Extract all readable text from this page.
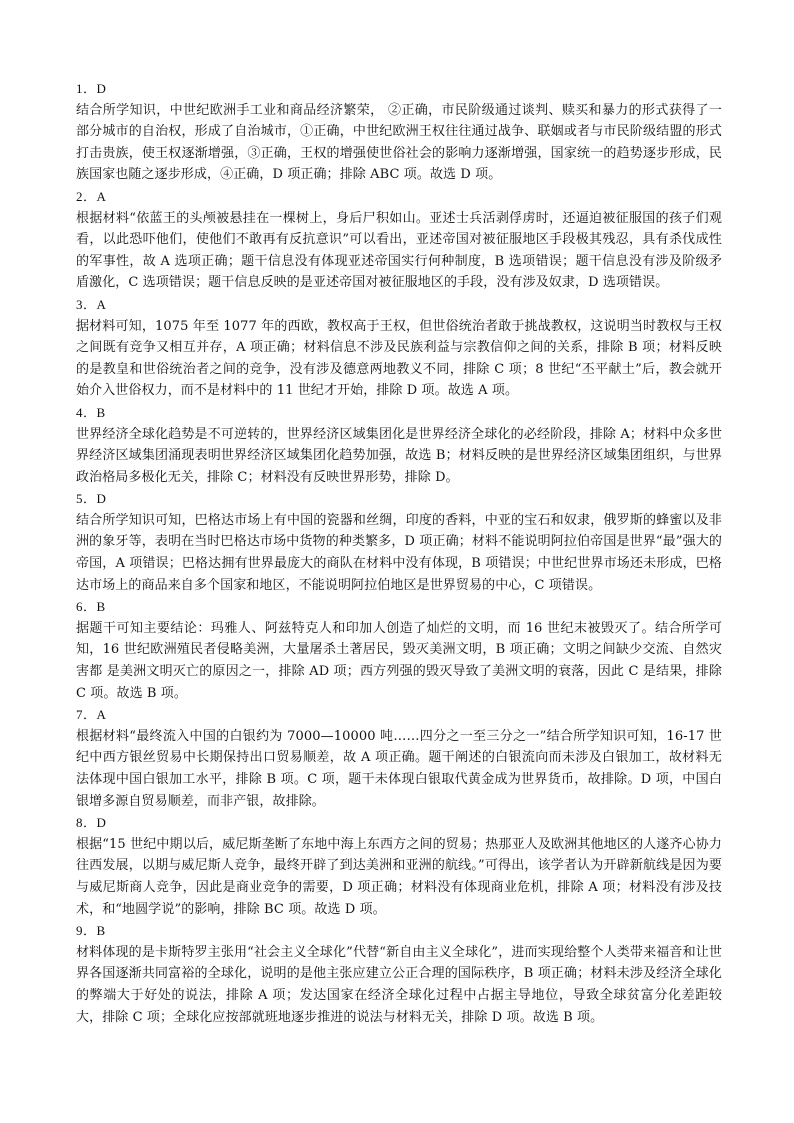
1．D

结合所学知识，中世纪欧洲手工业和商品经济繁荣， ②正确，市民阶级通过谈判、赎买和暴力的形式获得了一部分城市的自治权，形成了自治城市，①正确，中世纪欧洲王权往往通过战争、联姻或者与市民阶级结盟的形式打击贵族，使王权逐渐增强，③正确，王权的增强使世俗社会的影响力逐渐增强，国家统一的趋势逐步形成，民族国家也随之逐步形成，④正确，D 项正确；排除 ABC 项。故选 D 项。

2．A

根据材料“依蓝王的头颅被悬挂在一棵树上，身后尸积如山。亚述士兵活剥俘虏时，还逼迫被征服国的孩子们观看，以此恐吓他们，使他们不敢再有反抗意识”可以看出，亚述帝国对被征服地区手段极其残忍，具有杀伐成性的军事性，故 A 选项正确；题干信息没有体现亚述帝国实行何种制度，B 选项错误；题干信息没有涉及阶级矛盾激化，C 选项错误；题干信息反映的是亚述帝国对被征服地区的手段，没有涉及奴隶，D 选项错误。

3．A

据材料可知，1075 年至 1077 年的西欧，教权高于王权，但世俗统治者敢于挑战教权，这说明当时教权与王权之间既有竞争又相互并存，A 项正确；材料信息不涉及民族利益与宗教信仰之间的关系，排除 B 项；材料反映的是教皇和世俗统治者之间的竞争，没有涉及德意两地教义不同，排除 C 项；8 世纪“丕平献土”后，教会就开始介入世俗权力，而不是材料中的 11 世纪才开始，排除 D 项。故选 A 项。

4．B

世界经济全球化趋势是不可逆转的，世界经济区域集团化是世界经济全球化的必经阶段，排除 A；材料中众多世界经济区域集团涌现表明世界经济区域集团化趋势加强，故选 B；材料反映的是世界经济区域集团组织，与世界政治格局多极化无关，排除 C；材料没有反映世界形势，排除 D。

5．D

结合所学知识可知，巴格达市场上有中国的瓷器和丝绸，印度的香料，中亚的宝石和奴隶，俄罗斯的蜂蜜以及非洲的象牙等，表明在当时巴格达市场中货物的种类繁多，D 项正确；材料不能说明阿拉伯帝国是世界“最”强大的帝国，A 项错误；巴格达拥有世界最庞大的商队在材料中没有体现，B 项错误；中世纪世界市场还未形成，巴格达市场上的商品来自多个国家和地区，不能说明阿拉伯地区是世界贸易的中心，C 项错误。

6．B

据题干可知主要结论：玛雅人、阿兹特克人和印加人创造了灿烂的文明，而 16 世纪末被毁灭了。结合所学可知，16 世纪欧洲殖民者侵略美洲，大量屠杀土著居民，毁灭美洲文明，B 项正确；文明之间缺少交流、自然灾害都 是美洲文明灭亡的原因之一，排除 AD 项；西方列强的毁灭导致了美洲文明的衰落，因此 C 是结果，排除 C 项。故选 B 项。

7．A

根据材料“最终流入中国的白银约为 7000—10000 吨……四分之一至三分之一”结合所学知识可知，16-17 世纪中西方银丝贸易中长期保持出口贸易顺差，故 A 项正确。题干阐述的白银流向而未涉及白银加工，故材料无法体现中国白银加工水平，排除 B 项。C 项，题干未体现白银取代黄金成为世界货币，故排除。D 项，中国白银增多源自贸易顺差，而非产银，故排除。

8．D

根据“15 世纪中期以后，威尼斯垄断了东地中海上东西方之间的贸易；热那亚人及欧洲其他地区的人遂齐心协力往西发展，以期与威尼斯人竞争，最终开辟了到达美洲和亚洲的航线。”可得出，该学者认为开辟新航线是因为要与威尼斯商人竞争，因此是商业竞争的需要，D 项正确；材料没有体现商业危机，排除 A 项；材料没有涉及技术，和“地圆学说”的影响，排除 BC 项。故选 D 项。

9．B

材料体现的是卡斯特罗主张用“社会主义全球化”代替“新自由主义全球化”，进而实现给整个人类带来福音和让世界各国逐渐共同富裕的全球化，说明的是他主张应建立公正合理的国际秩序，B 项正确；材料未涉及经济全球化的弊端大于好处的说法，排除 A 项；发达国家在经济全球化过程中占据主导地位，导致全球贫富分化差距较大，排除 C 项；全球化应按部就班地逐步推进的说法与材料无关，排除 D 项。故选 B 项。
